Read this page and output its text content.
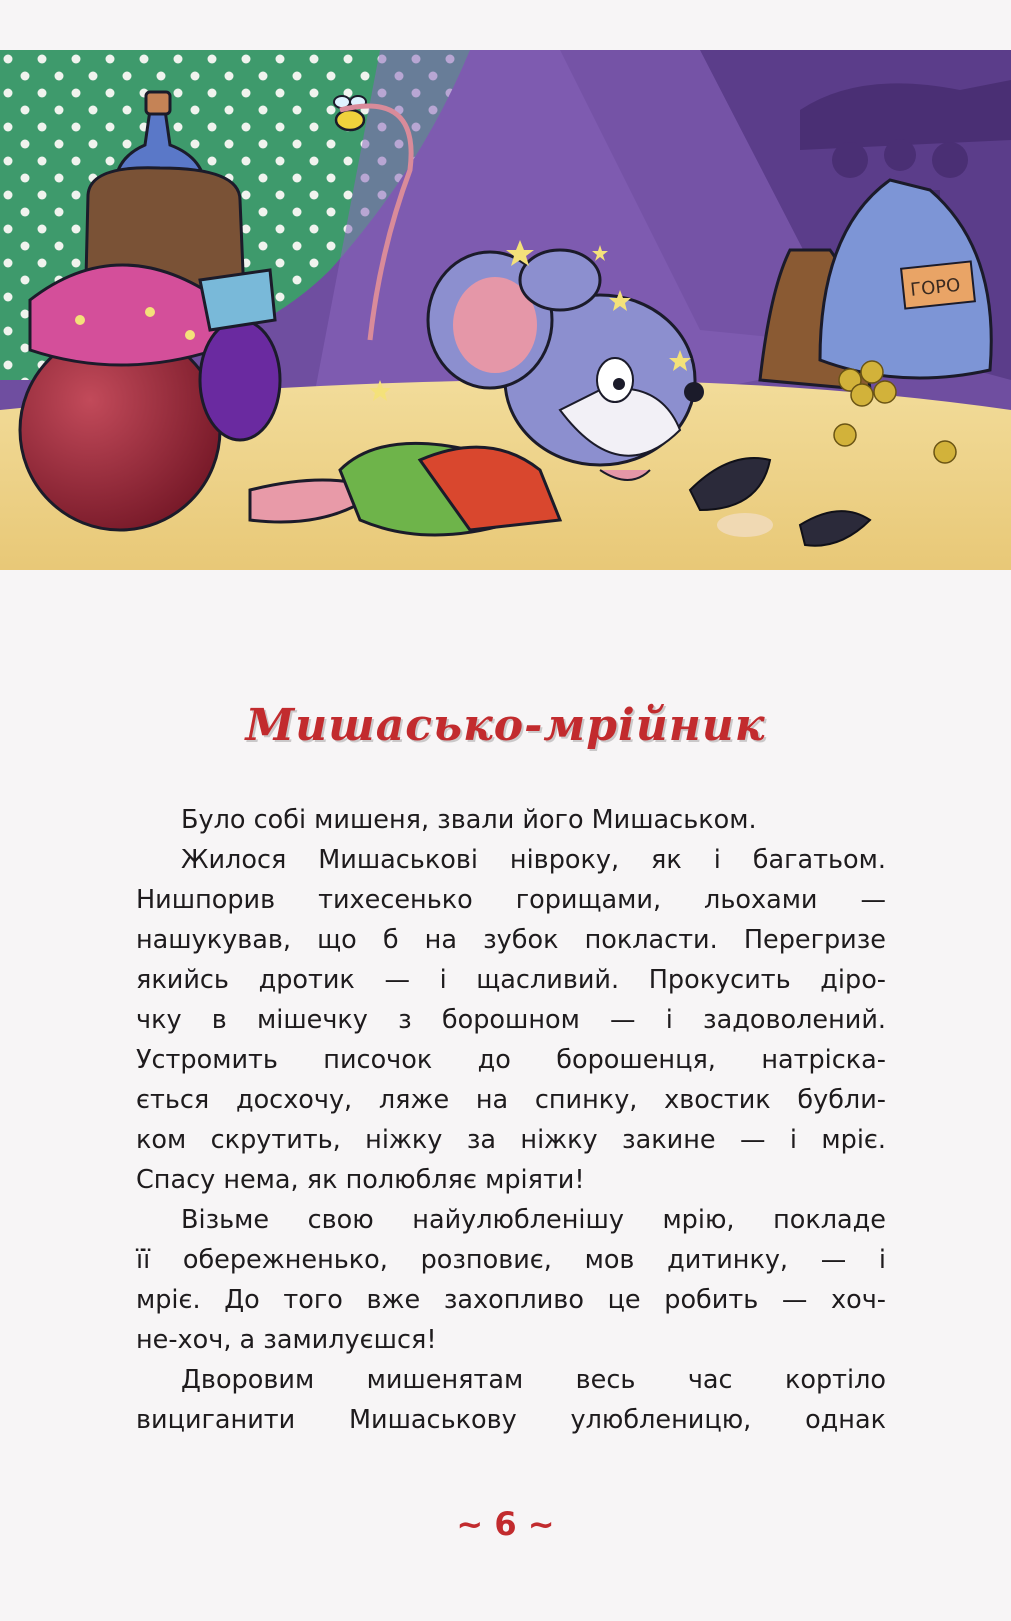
ГОРО
Мишасько-мрійник
Було собі мишеня, звали його Мишаськом.
Жилося Мишаськові нівроку, як і багатьом.
Нишпорив тихесенько горищами, льохами —
нашукував, що б на зубок покласти. Перегризе
якийсь дротик — і щасливий. Прокусить діро-
чку в мішечку з борошном — і задоволений.
Устромить писочок до борошенця, натріска-
ється досхочу, ляже на спинку, хвостик бубли-
ком скрутить, ніжку за ніжку закине — і мріє.
Спасу нема, як полюбляє мріяти!
Візьме свою найулюбленішу мрію, покладе
її обережненько, розповиє, мов дитинку, — і
мріє. До того вже захопливо це робить — хоч-
не-хоч, а замилуєшся!
Дворовим мишенятам весь час кортіло
вициганити Мишаськову улюбленицю, однак
~ 6 ~
